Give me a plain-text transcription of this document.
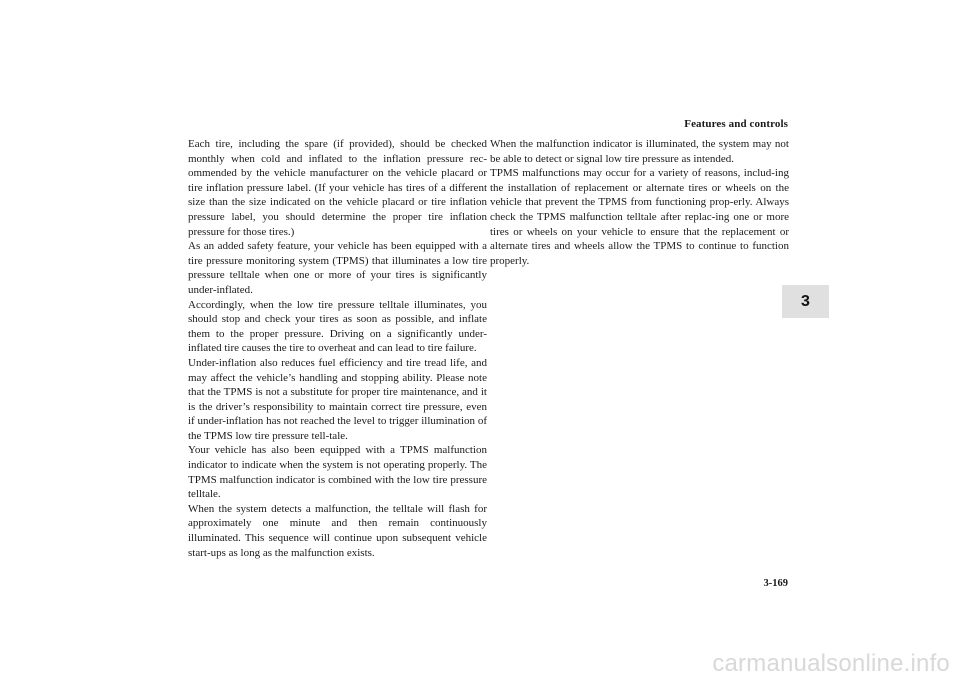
Features and controls

Each tire, including the spare (if provided), should be checked monthly when cold and inflated to the inflation pressure rec-ommended by the vehicle manufacturer on the vehicle placard or tire inflation pressure label. (If your vehicle has tires of a different size than the size indicated on the vehicle placard or tire inflation pressure label, you should determine the proper tire inflation pressure for those tires.)

As an added safety feature, your vehicle has been equipped with a tire pressure monitoring system (TPMS) that illuminates a low tire pressure telltale when one or more of your tires is significantly under-inflated.

Accordingly, when the low tire pressure telltale illuminates, you should stop and check your tires as soon as possible, and inflate them to the proper pressure. Driving on a significantly under-inflated tire causes the tire to overheat and can lead to tire failure.

Under-inflation also reduces fuel efficiency and tire tread life, and may affect the vehicle’s handling and stopping ability. Please note that the TPMS is not a substitute for proper tire maintenance, and it is the driver’s responsibility to maintain correct tire pressure, even if under-inflation has not reached the level to trigger illumination of the TPMS low tire pressure tell-tale.

Your vehicle has also been equipped with a TPMS malfunction indicator to indicate when the system is not operating properly. The TPMS malfunction indicator is combined with the low tire pressure telltale.

When the system detects a malfunction, the telltale will flash for approximately one minute and then remain continuously illuminated. This sequence will continue upon subsequent vehicle start-ups as long as the malfunction exists.

When the malfunction indicator is illuminated, the system may not be able to detect or signal low tire pressure as intended.

TPMS malfunctions may occur for a variety of reasons, includ-ing the installation of replacement or alternate tires or wheels on the vehicle that prevent the TPMS from functioning prop-erly. Always check the TPMS malfunction telltale after replac-ing one or more tires or wheels on your vehicle to ensure that the replacement or alternate tires and wheels allow the TPMS to continue to function properly.

3
3-169
carmanualsonline.info
